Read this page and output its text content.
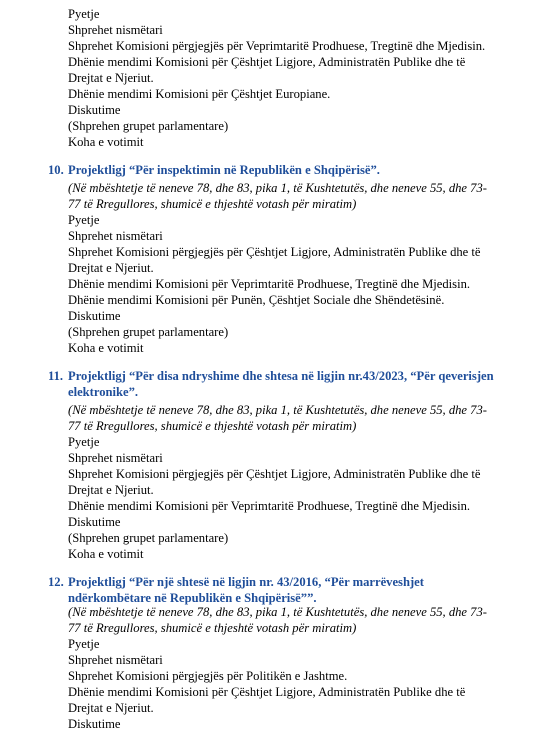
Pyetje
Shprehet nismëtari
Shprehet Komisioni përgjegjës për Veprimtaritë Prodhuese, Tregtinë dhe Mjedisin.
Dhënie mendimi Komisioni për Çështjet Ligjore, Administratën Publike dhe të
Drejtat e Njeriut.
Dhënie mendimi Komisioni për Çështjet Europiane.
Diskutime
(Shprehen grupet parlamentare)
Koha e votimit
10. Projektligj “Për inspektimin në Republikën e Shqipërisë”.
(Në mbështetje të neneve 78, dhe 83, pika 1, të Kushtetutës, dhe neneve 55, dhe 73-
77 të Rregullores, shumicë e thjeshtë votash për miratim)
Pyetje
Shprehet nismëtari
Shprehet Komisioni përgjegjës për Çështjet Ligjore, Administratën Publike dhe të
Drejtat e Njeriut.
Dhënie mendimi Komisioni për Veprimtaritë Prodhuese, Tregtinë dhe Mjedisin.
Dhënie mendimi Komisioni për Punën, Çështjet Sociale dhe Shëndetësinë.
Diskutime
(Shprehen grupet parlamentare)
Koha e votimit
11. Projektligj “Për disa ndryshime dhe shtesa në ligjin nr.43/2023, “Për qeverisjen
elektronike”.
(Në mbështetje të neneve 78, dhe 83, pika 1, të Kushtetutës, dhe neneve 55, dhe 73-
77 të Rregullores, shumicë e thjeshtë votash për miratim)
Pyetje
Shprehet nismëtari
Shprehet Komisioni përgjegjës për Çështjet Ligjore, Administratën Publike dhe të
Drejtat e Njeriut.
Dhënie mendimi Komisioni për Veprimtaritë Prodhuese, Tregtinë dhe Mjedisin.
Diskutime
(Shprehen grupet parlamentare)
Koha e votimit
12. Projektligj “Për një shtesë në ligjin nr. 43/2016, “Për marrëveshjet
ndërkombëtare në Republikën e Shqipërisë””.
(Në mbështetje të neneve 78, dhe 83, pika 1, të Kushtetutës, dhe neneve 55, dhe 73-
77 të Rregullores, shumicë e thjeshtë votash për miratim)
Pyetje
Shprehet nismëtari
Shprehet Komisioni përgjegjës për Politikën e Jashtme.
Dhënie mendimi Komisioni për Çështjet Ligjore, Administratën Publike dhe të
Drejtat e Njeriut.
Diskutime
